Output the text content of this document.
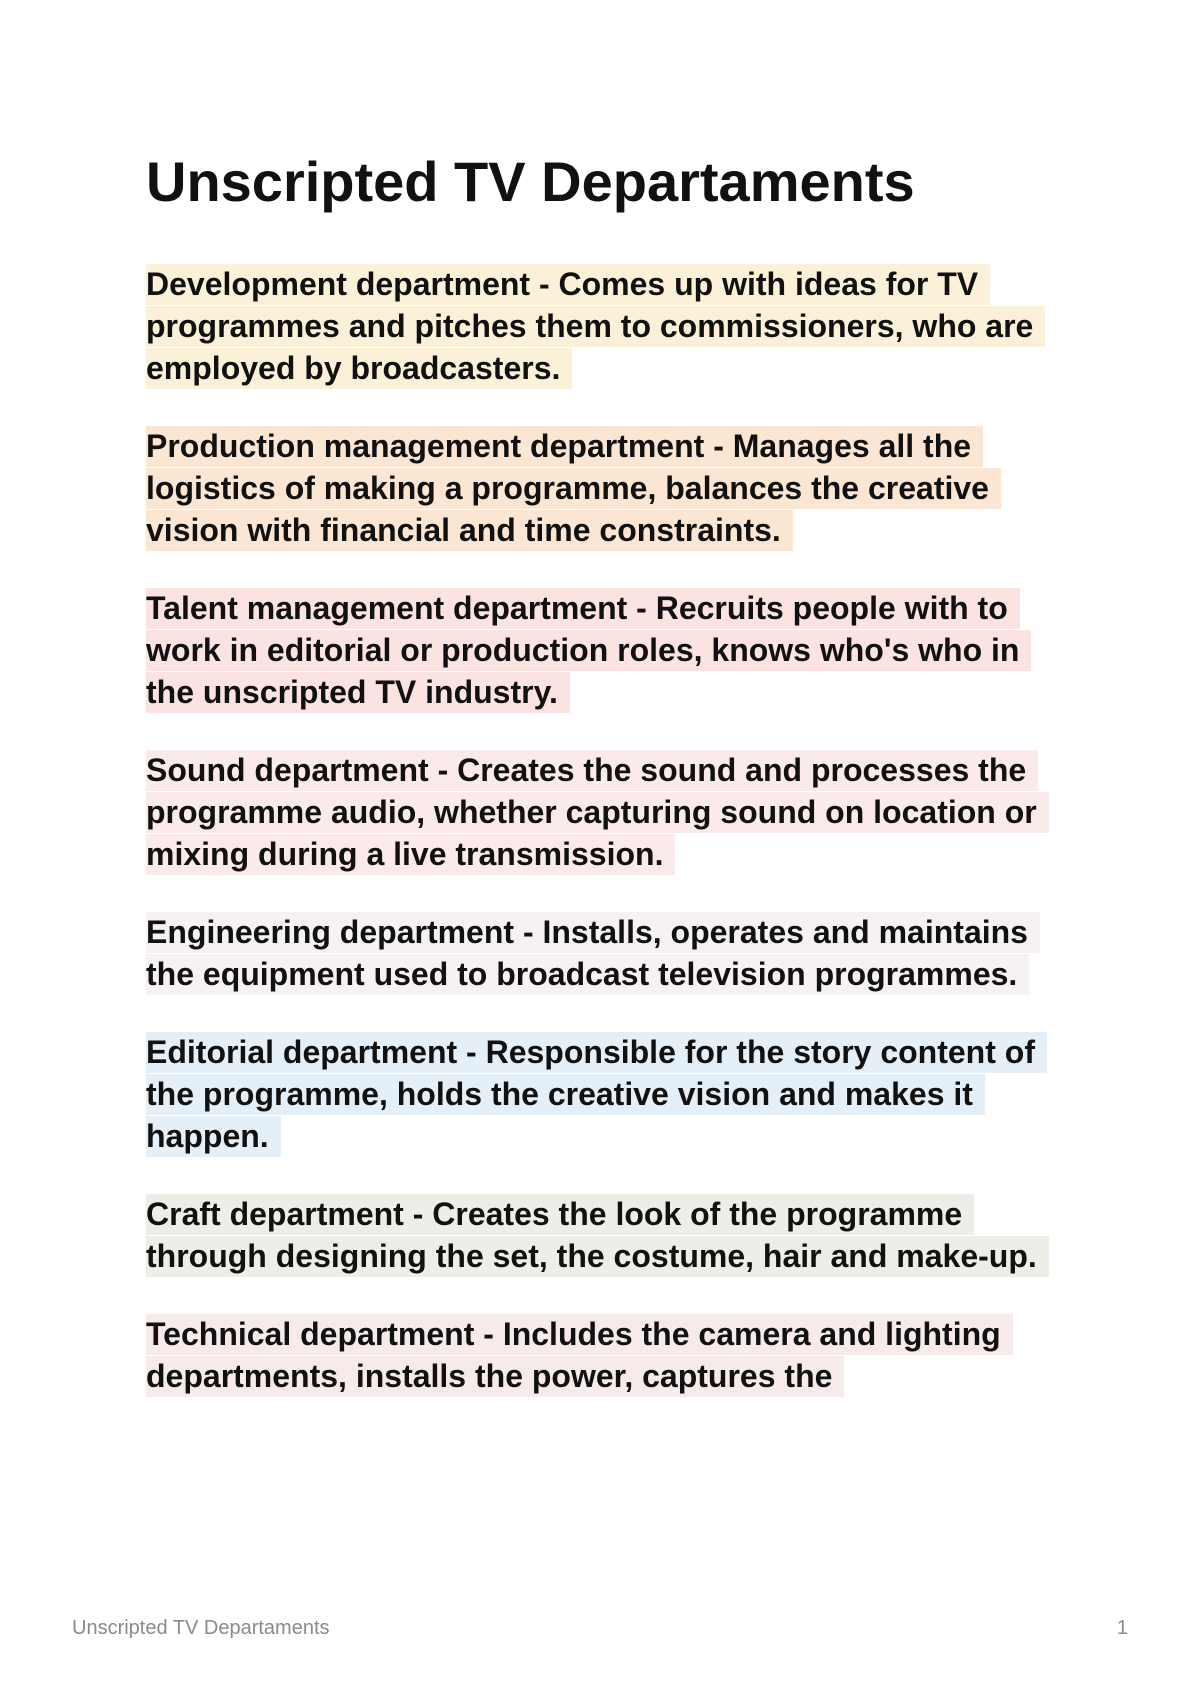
Unscripted TV Departaments

Development department - Comes up with ideas for TV programmes and pitches them to commissioners, who are employed by broadcasters.

Production management department - Manages all the logistics of making a programme, balances the creative vision with financial and time constraints.

Talent management department - Recruits people with to work in editorial or production roles, knows who's who in the unscripted TV industry.

Sound department - Creates the sound and processes the programme audio, whether capturing sound on location or mixing during a live transmission.

Engineering department - Installs, operates and maintains the equipment used to broadcast television programmes.

Editorial department - Responsible for the story content of the programme, holds the creative vision and makes it happen.

Craft department - Creates the look of the programme through designing the set, the costume, hair and make-up.

Technical department - Includes the camera and lighting departments, installs the power, captures the

Unscripted TV Departaments	1
